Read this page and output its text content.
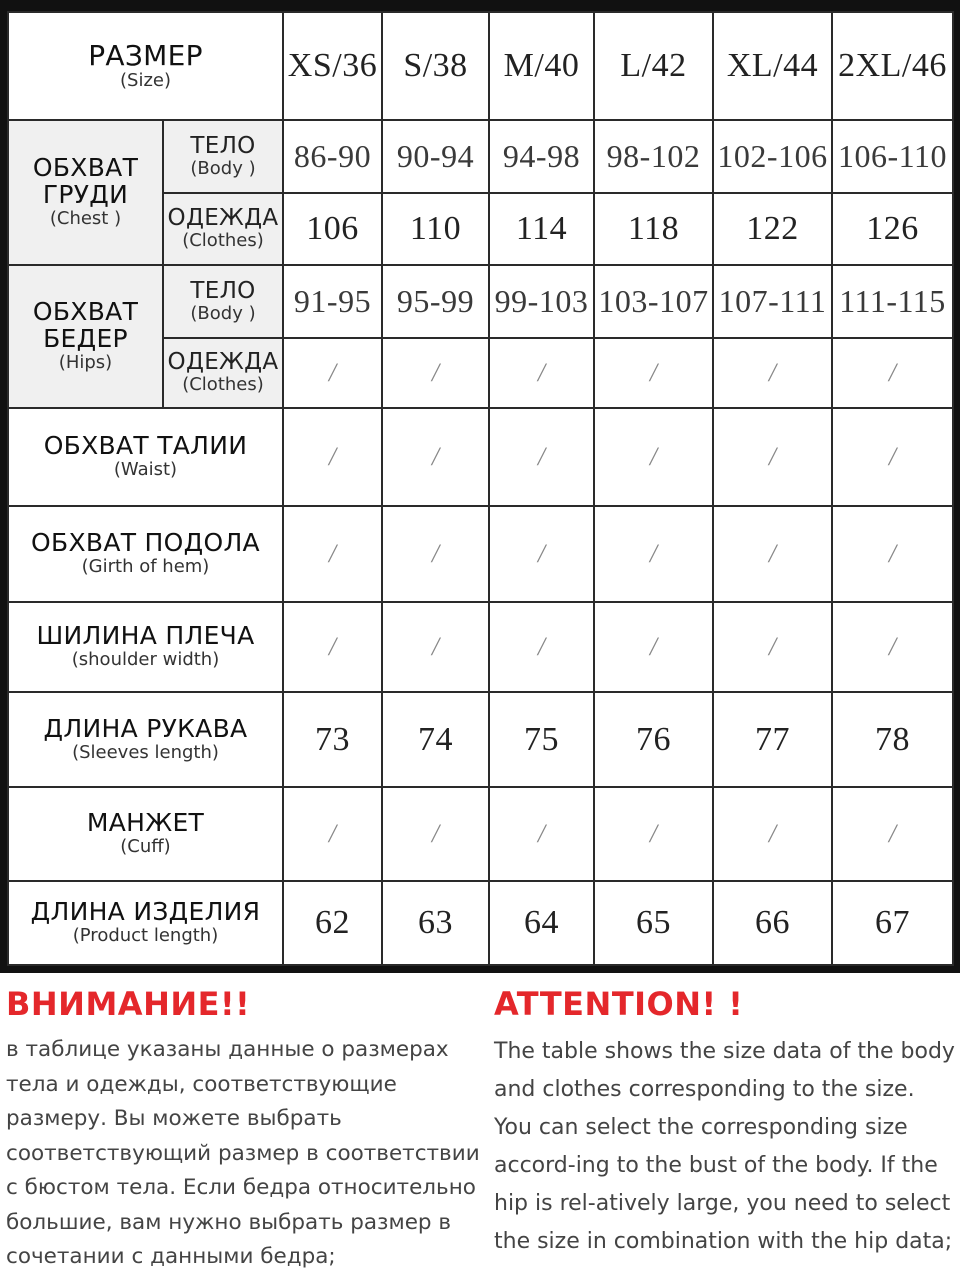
РАЗМЕР
(Size)		XS/36	S/38	M/40	L/42	XL/44	2XL/46

ОБХВАТ ГРУДИ
(Chest )	ТЕЛО
(Body )	86-90	90-94	94-98	98-102	102-106	106-110

	ОДЕЖДА
(Clothes)	106	110	114	118	122	126

ОБХВАТ БЕДЕР
(Hips)	ТЕЛО
(Body )	91-95	95-99	99-103	103-107	107-111	111-115

	ОДЕЖДА
(Clothes)	/	/	/	/	/	/

ОБХВАТ ТАЛИИ
(Waist)		/	/	/	/	/	/

ОБХВАТ ПОДОЛА
(Girth of hem)		/	/	/	/	/	/

ШИЛИНА ПЛЕЧА
(shoulder width)		/	/	/	/	/	/

ДЛИНА РУКАВА
(Sleeves length)		73	74	75	76	77	78

МАНЖЕТ
(Cuff)		/	/	/	/	/	/

ДЛИНА ИЗДЕЛИЯ
(Product length)		62	63	64	65	66	67

ВНИМАНИЕ!!

в таблице указаны данные о размерах тела и одежды, соответствующие размеру. Вы можете выбрать соответствующий размер в соответствии с бюстом тела. Если бедра относительно большие, вам нужно выбрать размер в сочетании с данными бедра;

ATTENTION! !

The table shows the size data of the body and clothes corresponding to the size. You can select the corresponding size accord-ing to the bust of the body. If the hip is rel-atively large, you need to select the size in combination with the hip data;
